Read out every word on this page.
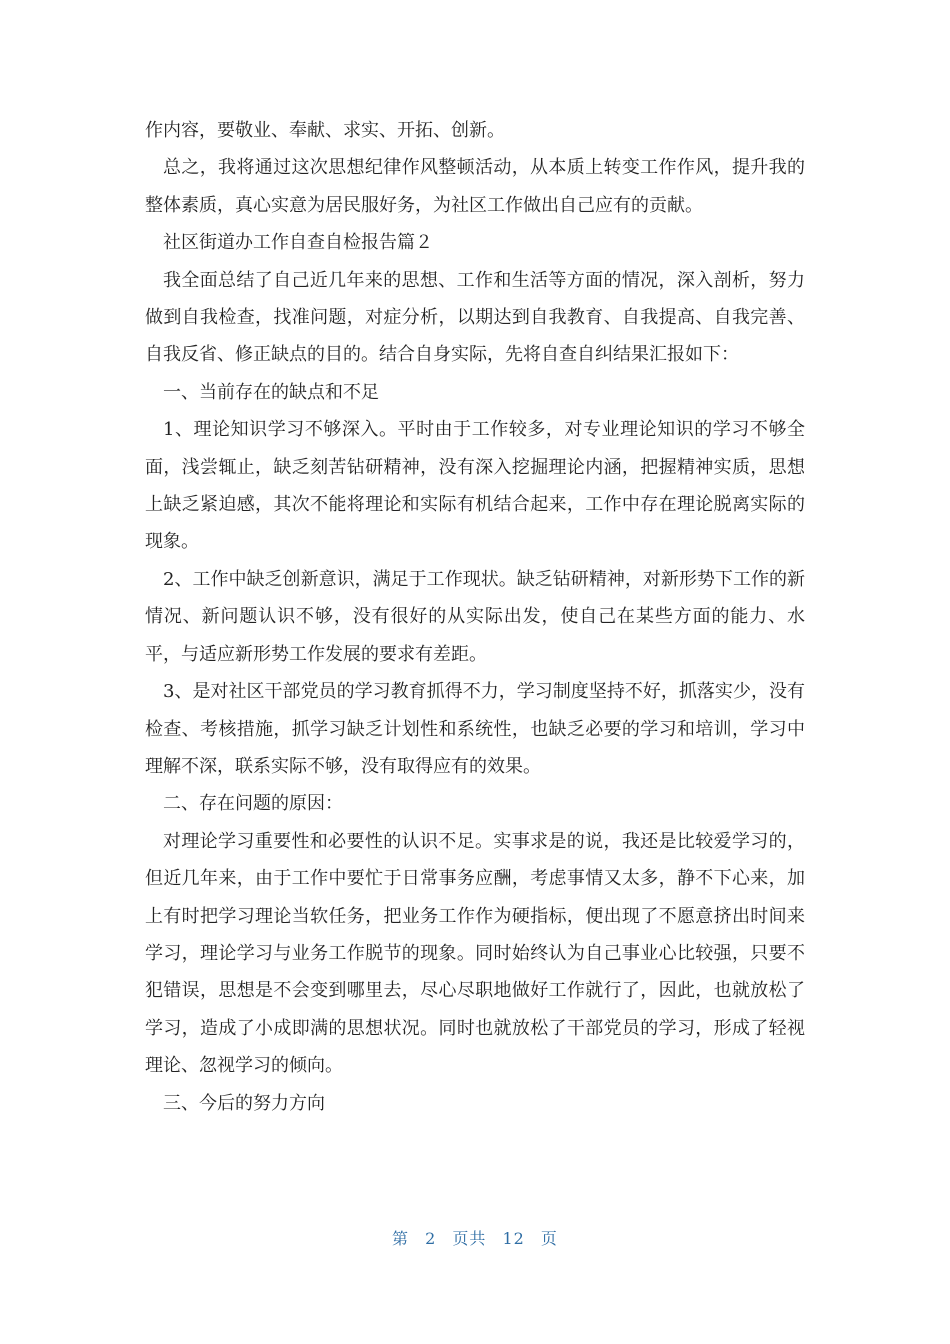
作内容，要敬业、奉献、求实、开拓、创新。

总之，我将通过这次思想纪律作风整顿活动，从本质上转变工作作风，提升我的整体素质，真心实意为居民服好务，为社区工作做出自己应有的贡献。

社区街道办工作自查自检报告篇２

我全面总结了自己近几年来的思想、工作和生活等方面的情况，深入剖析，努力做到自我检查，找准问题，对症分析，以期达到自我教育、自我提高、自我完善、自我反省、修正缺点的目的。结合自身实际，先将自查自纠结果汇报如下：

一、当前存在的缺点和不足

1、理论知识学习不够深入。平时由于工作较多，对专业理论知识的学习不够全面，浅尝辄止，缺乏刻苦钻研精神，没有深入挖掘理论内涵，把握精神实质，思想上缺乏紧迫感，其次不能将理论和实际有机结合起来，工作中存在理论脱离实际的现象。

2、工作中缺乏创新意识，满足于工作现状。缺乏钻研精神，对新形势下工作的新情况、新问题认识不够，没有很好的从实际出发，使自己在某些方面的能力、水平，与适应新形势工作发展的要求有差距。

3、是对社区干部党员的学习教育抓得不力，学习制度坚持不好，抓落实少，没有检查、考核措施，抓学习缺乏计划性和系统性，也缺乏必要的学习和培训，学习中理解不深，联系实际不够，没有取得应有的效果。

二、存在问题的原因：

对理论学习重要性和必要性的认识不足。实事求是的说，我还是比较爱学习的，但近几年来，由于工作中要忙于日常事务应酬，考虑事情又太多，静不下心来，加上有时把学习理论当软任务，把业务工作作为硬指标，便出现了不愿意挤出时间来学习，理论学习与业务工作脱节的现象。同时始终认为自己事业心比较强，只要不犯错误，思想是不会变到哪里去，尽心尽职地做好工作就行了，因此，也就放松了学习，造成了小成即满的思想状况。同时也就放松了干部党员的学习，形成了轻视理论、忽视学习的倾向。

三、今后的努力方向

第 2 页共 12 页
